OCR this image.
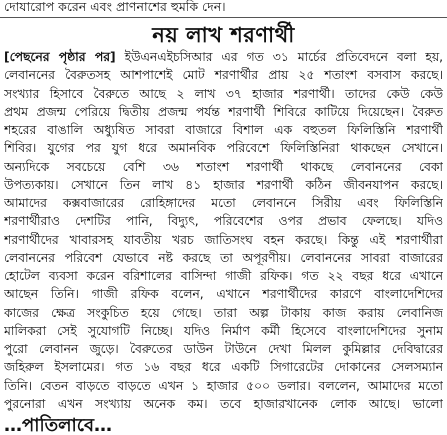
দোযারোপ করেন এবং প্রাণনাশের হুমকি দেন।
নয় লাখ শরণার্থী
[পেছনের পৃষ্ঠার পর] ইউএনএইচসিআর এর গত ৩১ মার্চের প্রতিবেদনে বলা হয়,
লেবাননের বৈরুতসহ আশপাশেই মোট শরণার্থীর প্রায় ২৫ শতাংশ বসবাস করছে।
সংখ্যার হিসাবে বৈরুতে আছে ২ লাখ ৩৭ হাজার শরণার্থী। তাদের কেউ কেউ
প্রথম প্রজন্ম পেরিয়ে দ্বিতীয় প্রজন্ম পর্যন্ত শরণার্থী শিবিরে কাটিয়ে দিয়েছেন। বৈরুত
শহরের বাঙালি অধ্যুষিত সাবরা বাজারে বিশাল এক বহুতল ফিলিস্তিনি শরণার্থী
শিবির। যুগের পর যুগ ধরে অমানবিক পরিবেশে ফিলিস্তিনিরা থাকছেন সেখানে।
অন্যদিকে সবচেয়ে বেশি ৩৬ শতাংশ শরণার্থী থাকছে লেবাননের বেকা
উপত্যকায়। সেখানে তিন লাখ ৪১ হাজার শরণার্থী কঠিন জীবনযাপন করছে।
আমাদের কক্সবাজারের রোহিঙ্গাদের মতো লেবাননে সিরীয় এবং ফিলিস্তিনি
শরণার্থীরাও দেশটির পানি, বিদ্যুৎ, পরিবেশের ওপর প্রভাব ফেলছে। যদিও
শরণার্থীদের খাবারসহ যাবতীয় খরচ জাতিসংঘ বহন করছে। কিন্তু এই শরণার্থীরা
লেবাননের পরিবেশ যেভাবে নষ্ট করছে তা অপূরণীয়। লেবাননের সাবরা বাজারের
হোটেল ব্যবসা করেন বরিশালের বাসিন্দা গাজী রফিক। গত ২২ বছর ধরে এখানে
আছেন তিনি। গাজী রফিক বলেন, এখানে শরণার্থীদের কারণে বাংলাদেশিদের
কাজের ক্ষেত্র সংকুচিত হয়ে গেছে। তারা অল্প টাকায় কাজ করায় লেবানিজ
মালিকরা সেই সুযোগটি নিচ্ছে। যদিও নির্মাণ কর্মী হিসেবে বাংলাদেশিদের সুনাম
পুরো লেবানন জুড়ে। বৈরুতের ডাউন টাউনে দেখা মিলল কুমিল্লার দেবিদ্বারের
জহিরুল ইসলামের। গত ১৬ বছর ধরে একটি সিগারেটের দোকানের সেলসম্যান
তিনি। বেতন বাড়তে বাড়তে এখন ১ হাজার ৫০০ ডলার। বললেন, আমাদের মতো
পুরনোরা এখন সংখ্যায় অনেক কম। তবে হাজারখানেক লোক আছে। ভালো
…পাতিলাবে…
